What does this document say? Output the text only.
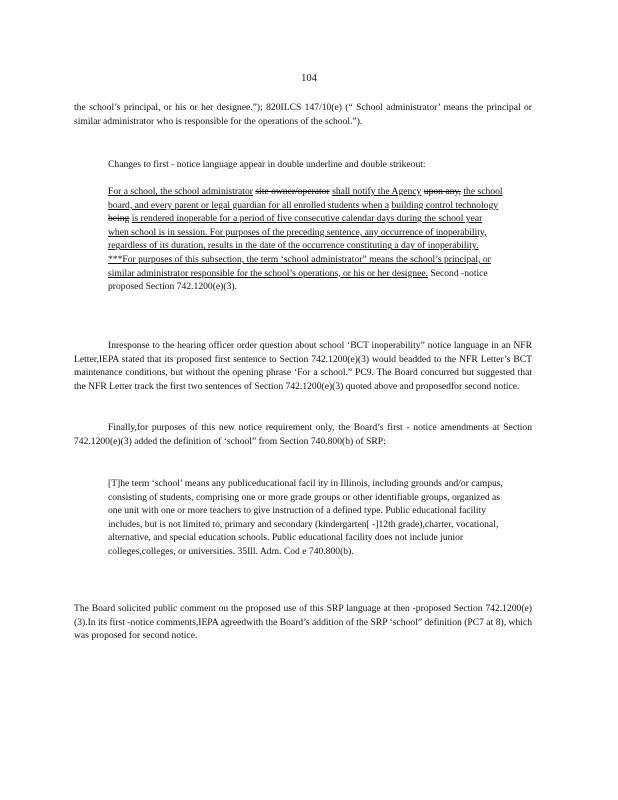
104

the school’s principal, or his or her designee.”); 820ILCS 147/10(e) (“ School administrator’ means the principal or similar administrator who is responsible for the operations of the school.”).

Changes to first - notice language appear in double underline and double strikeout:

For a school, the school administrator site owner/operator shall notify the Agency upon any, the school board, and every parent or legal guardian for all enrolled students when a building control technology being is rendered inoperable for a period of five consecutive calendar days during the school year when school is in session. For purposes of the preceding sentence, any occurrence of inoperability, regardless of its duration, results in the date of the occurrence constituting a day of inoperability. ***For purposes of this subsection, the term ‘school administrator” means the school’s principal, or similar administrator responsible for the school’s operations, or his or her designee. Second -notice proposed Section 742.1200(e)(3).

Inresponse to the hearing officer order question about school ‘BCT inoperability” notice language in an NFR Letter,IEPA stated that its proposed first sentence to Section 742.1200(e)(3) would beadded to the NFR Letter’s BCT maintenance conditions, but without the opening phrase ‘For a school.” PC9. The Board concurred but suggested that the NFR Letter track the first two sentences of Section 742.1200(e)(3) quoted above and proposedfor second notice.

Finally,for purposes of this new notice requirement only, the Board’s first - notice amendments at Section 742.1200(e)(3) added the definition of ‘school” from Section 740.800(b) of SRP:

[T]he term ‘school’ means any publiceducational facil ity in Illinois, including grounds and/or campus, consisting of students, comprising one or more grade groups or other identifiable groups, organized as one unit with one or more teachers to give instruction of a defined type. Public educational facility includes, but is not limited to, primary and secondary (kindergarten[ -]12th grade),charter, vocational, alternative, and special education schools. Public educational facility does not include junior colleges,colleges, or universities. 35Ill. Adm. Cod e 740.800(b).

The Board solicited public comment on the proposed use of this SRP language at then -proposed Section 742.1200(e)(3).In its first -notice comments,IEPA agreedwith the Board’s addition of the SRP ‘school” definition (PC7 at 8), which was proposed for second notice.
